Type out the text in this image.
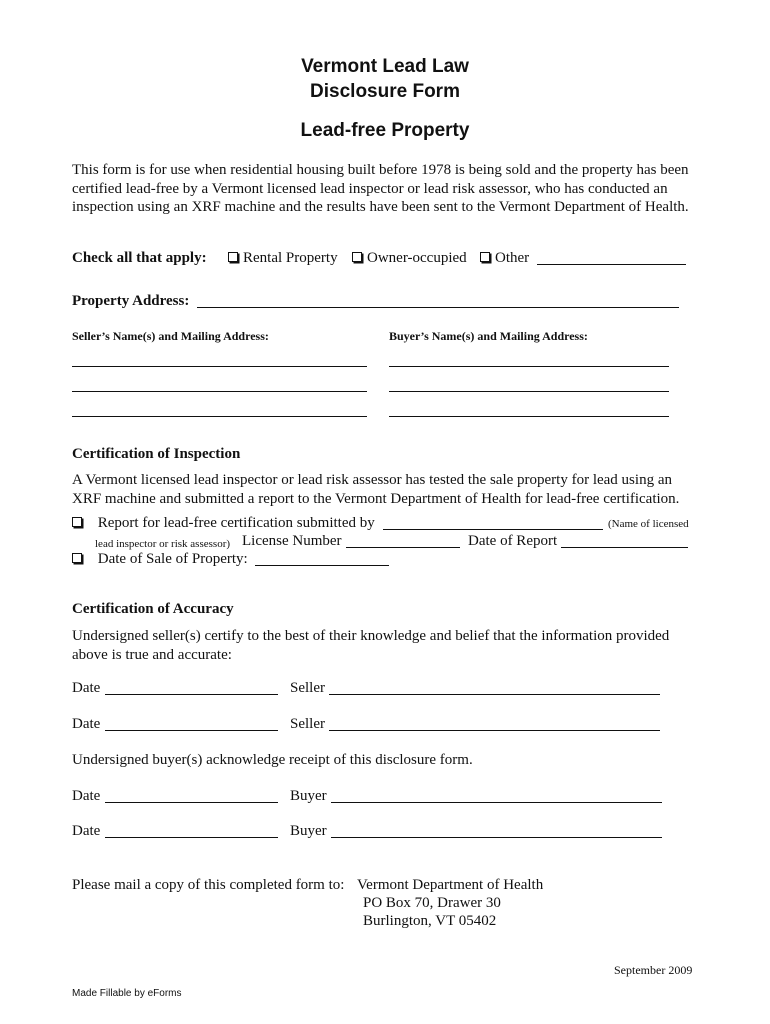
Vermont Lead Law
Disclosure Form
Lead-free Property
This form is for use when residential housing built before 1978 is being sold and the property has been certified lead-free by a Vermont licensed lead inspector or lead risk assessor, who has conducted an inspection using an XRF machine and the results have been sent to the Vermont Department of Health.
Check all that apply:	Rental Property	Owner-occupied	Other
Property Address:
Seller’s Name(s) and Mailing Address:	Buyer’s Name(s) and Mailing Address:
Certification of Inspection
A Vermont licensed lead inspector or lead risk assessor has tested the sale property for lead using an XRF machine and submitted a report to the Vermont Department of Health for lead-free certification.
Report for lead-free certification submitted by	(Name of licensed
lead inspector or risk assessor) License Number	Date of Report
Date of Sale of Property:
Certification of Accuracy
Undersigned seller(s) certify to the best of their knowledge and belief that the information provided above is true and accurate:
Date	Seller
Date	Seller
Undersigned buyer(s) acknowledge receipt of this disclosure form.
Date	Buyer
Date	Buyer
Please mail a copy of this completed form to: Vermont Department of Health
PO Box 70, Drawer 30
Burlington, VT 05402
September 2009
Made Fillable by eForms
